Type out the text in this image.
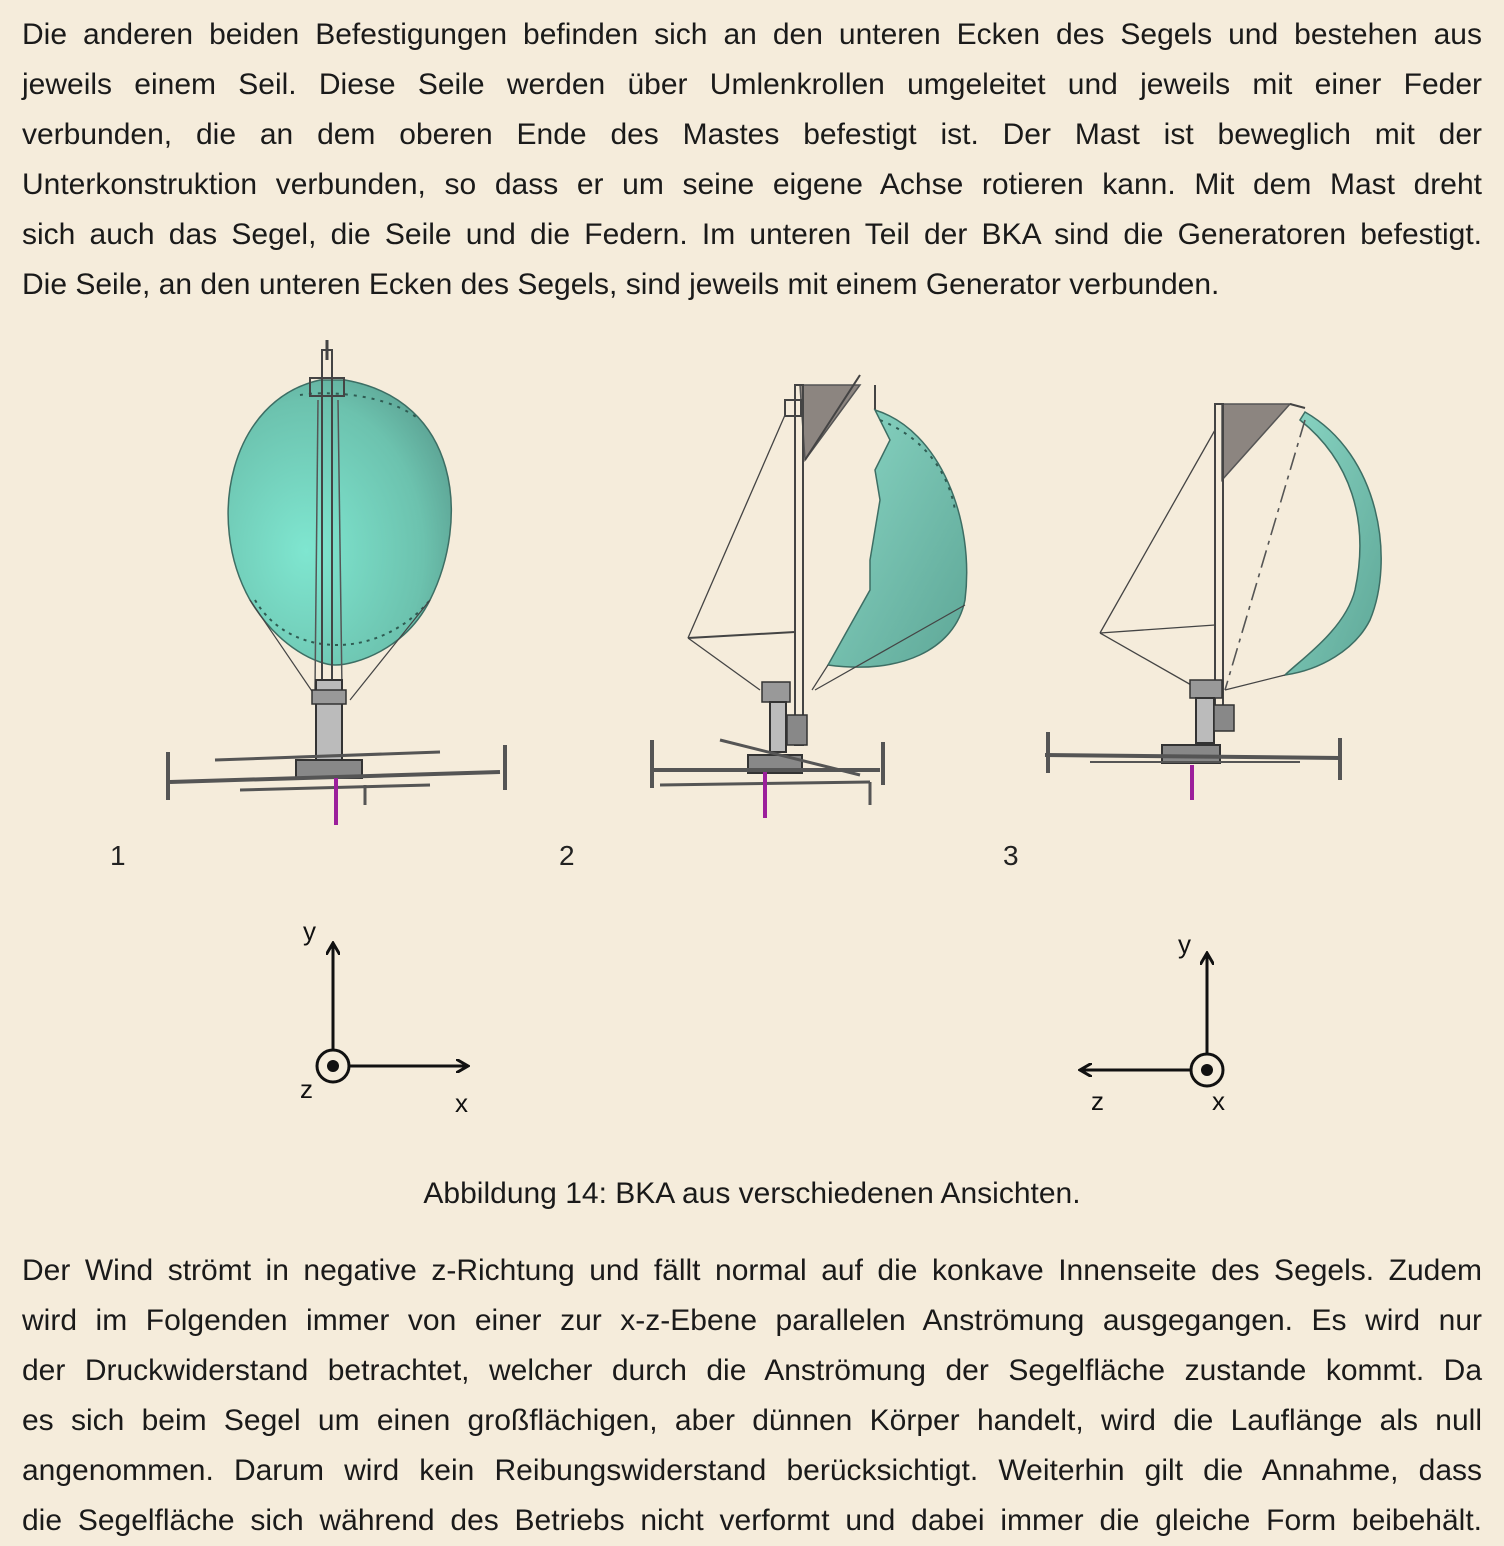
Die anderen beiden Befestigungen befinden sich an den unteren Ecken des Segels und bestehen aus
jeweils einem Seil. Diese Seile werden über Umlenkrollen umgeleitet und jeweils mit einer Feder
verbunden, die an dem oberen Ende des Mastes befestigt ist. Der Mast ist beweglich mit der
Unterkonstruktion verbunden, so dass er um seine eigene Achse rotieren kann. Mit dem Mast dreht
sich auch das Segel, die Seile und die Federn. Im unteren Teil der BKA sind die Generatoren befestigt.
Die Seile, an den unteren Ecken des Segels, sind jeweils mit einem Generator verbunden.
y
x
z
y
x
z
1	2	3
Abbildung 14: BKA aus verschiedenen Ansichten.
Der Wind strömt in negative z-Richtung und fällt normal auf die konkave Innenseite des Segels. Zudem
wird im Folgenden immer von einer zur x-z-Ebene parallelen Anströmung ausgegangen. Es wird nur
der Druckwiderstand betrachtet, welcher durch die Anströmung der Segelfläche zustande kommt. Da
es sich beim Segel um einen großflächigen, aber dünnen Körper handelt, wird die Lauflänge als null
angenommen. Darum wird kein Reibungswiderstand berücksichtigt. Weiterhin gilt die Annahme, dass
die Segelfläche sich während des Betriebs nicht verformt und dabei immer die gleiche Form beibehält.
